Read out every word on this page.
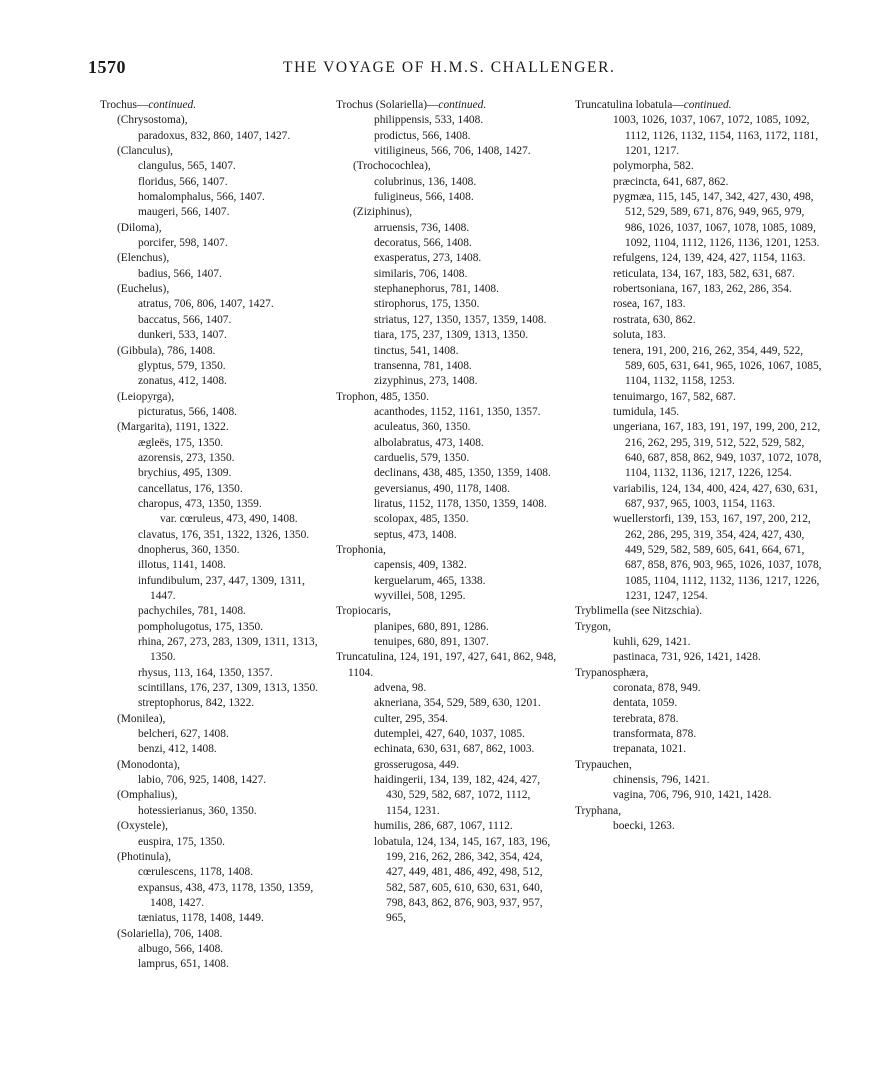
1570	THE VOYAGE OF H.M.S. CHALLENGER.
Trochus—continued.
(Chrysostoma),
paradoxus, 832, 860, 1407, 1427.
(Clanculus),
clangulus, 565, 1407.
floridus, 566, 1407.
homalomphalus, 566, 1407.
maugeri, 566, 1407.
(Diloma),
porcifer, 598, 1407.
(Elenchus),
badius, 566, 1407.
(Euchelus),
atratus, 706, 806, 1407, 1427.
baccatus, 566, 1407.
dunkeri, 533, 1407.
(Gibbula), 786, 1408.
glyptus, 579, 1350.
zonatus, 412, 1408.
(Leiopyrga),
picturatus, 566, 1408.
(Margarita), 1191, 1322.
ægleës, 175, 1350.
azorensis, 273, 1350.
brychius, 495, 1309.
cancellatus, 176, 1350.
charopus, 473, 1350, 1359.
var. cœruleus, 473, 490, 1408.
clavatus, 176, 351, 1322, 1326, 1350.
dnopherus, 360, 1350.
illotus, 1141, 1408.
infundibulum, 237, 447, 1309, 1311, 1447.
pachychiles, 781, 1408.
pompholugotus, 175, 1350.
rhina, 267, 273, 283, 1309, 1311, 1313, 1350.
rhysus, 113, 164, 1350, 1357.
scintillans, 176, 237, 1309, 1313, 1350.
streptophorus, 842, 1322.
(Monilea),
belcheri, 627, 1408.
benzi, 412, 1408.
(Monodonta),
labio, 706, 925, 1408, 1427.
(Omphalius),
hotessierianus, 360, 1350.
(Oxystele),
euspira, 175, 1350.
(Photinula),
cœrulescens, 1178, 1408.
expansus, 438, 473, 1178, 1350, 1359, 1408, 1427.
tæniatus, 1178, 1408, 1449.
(Solariella), 706, 1408.
albugo, 566, 1408.
lamprus, 651, 1408.
Trochus (Solariella)—continued.
philippensis, 533, 1408.
prodictus, 566, 1408.
vitiligineus, 566, 706, 1408, 1427.
(Trochocochlea),
colubrinus, 136, 1408.
fuligineus, 566, 1408.
(Ziziphinus),
arruensis, 736, 1408.
decoratus, 566, 1408.
exasperatus, 273, 1408.
similaris, 706, 1408.
stephanephorus, 781, 1408.
stirophorus, 175, 1350.
striatus, 127, 1350, 1357, 1359, 1408.
tiara, 175, 237, 1309, 1313, 1350.
tinctus, 541, 1408.
transenna, 781, 1408.
zizyphinus, 273, 1408.
Trophon, 485, 1350.
acanthodes, 1152, 1161, 1350, 1357.
aculeatus, 360, 1350.
albolabratus, 473, 1408.
carduelis, 579, 1350.
declinans, 438, 485, 1350, 1359, 1408.
geversianus, 490, 1178, 1408.
liratus, 1152, 1178, 1350, 1359, 1408.
scolopax, 485, 1350.
septus, 473, 1408.
Trophonia,
capensis, 409, 1382.
kerguelarum, 465, 1338.
wyvillei, 508, 1295.
Tropiocaris,
planipes, 680, 891, 1286.
tenuipes, 680, 891, 1307.
Truncatulina, 124, 191, 197, 427, 641, 862, 948, 1104.
advena, 98.
akneriana, 354, 529, 589, 630, 1201.
culter, 295, 354.
dutemplei, 427, 640, 1037, 1085.
echinata, 630, 631, 687, 862, 1003.
grosserugosa, 449.
haidingerii, 134, 139, 182, 424, 427, 430, 529, 582, 687, 1072, 1112, 1154, 1231.
humilis, 286, 687, 1067, 1112.
lobatula, 124, 134, 145, 167, 183, 196, 199, 216, 262, 286, 342, 354, 424, 427, 449, 481, 486, 492, 498, 512, 582, 587, 605, 610, 630, 631, 640, 798, 843, 862, 876, 903, 937, 957, 965,
Truncatulina lobatula—continued.
1003, 1026, 1037, 1067, 1072, 1085, 1092, 1112, 1126, 1132, 1154, 1163, 1172, 1181, 1201, 1217.
polymorpha, 582.
præcincta, 641, 687, 862.
pygmæa, 115, 145, 147, 342, 427, 430, 498, 512, 529, 589, 671, 876, 949, 965, 979, 986, 1026, 1037, 1067, 1078, 1085, 1089, 1092, 1104, 1112, 1126, 1136, 1201, 1253.
refulgens, 124, 139, 424, 427, 1154, 1163.
reticulata, 134, 167, 183, 582, 631, 687.
robertsoniana, 167, 183, 262, 286, 354.
rosea, 167, 183.
rostrata, 630, 862.
soluta, 183.
tenera, 191, 200, 216, 262, 354, 449, 522, 589, 605, 631, 641, 965, 1026, 1067, 1085, 1104, 1132, 1158, 1253.
tenuimargo, 167, 582, 687.
tumidula, 145.
ungeriana, 167, 183, 191, 197, 199, 200, 212, 216, 262, 295, 319, 512, 522, 529, 582, 640, 687, 858, 862, 949, 1037, 1072, 1078, 1104, 1132, 1136, 1217, 1226, 1254.
variabilis, 124, 134, 400, 424, 427, 630, 631, 687, 937, 965, 1003, 1154, 1163.
wuellerstorfi, 139, 153, 167, 197, 200, 212, 262, 286, 295, 319, 354, 424, 427, 430, 449, 529, 582, 589, 605, 641, 664, 671, 687, 858, 876, 903, 965, 1026, 1037, 1078, 1085, 1104, 1112, 1132, 1136, 1217, 1226, 1231, 1247, 1254.
Tryblimella (see Nitzschia).
Trygon,
kuhli, 629, 1421.
pastinaca, 731, 926, 1421, 1428.
Trypanosphæra,
coronata, 878, 949.
dentata, 1059.
terebrata, 878.
transformata, 878.
trepanata, 1021.
Trypauchen,
chinensis, 796, 1421.
vagina, 706, 796, 910, 1421, 1428.
Tryphana,
boecki, 1263.
